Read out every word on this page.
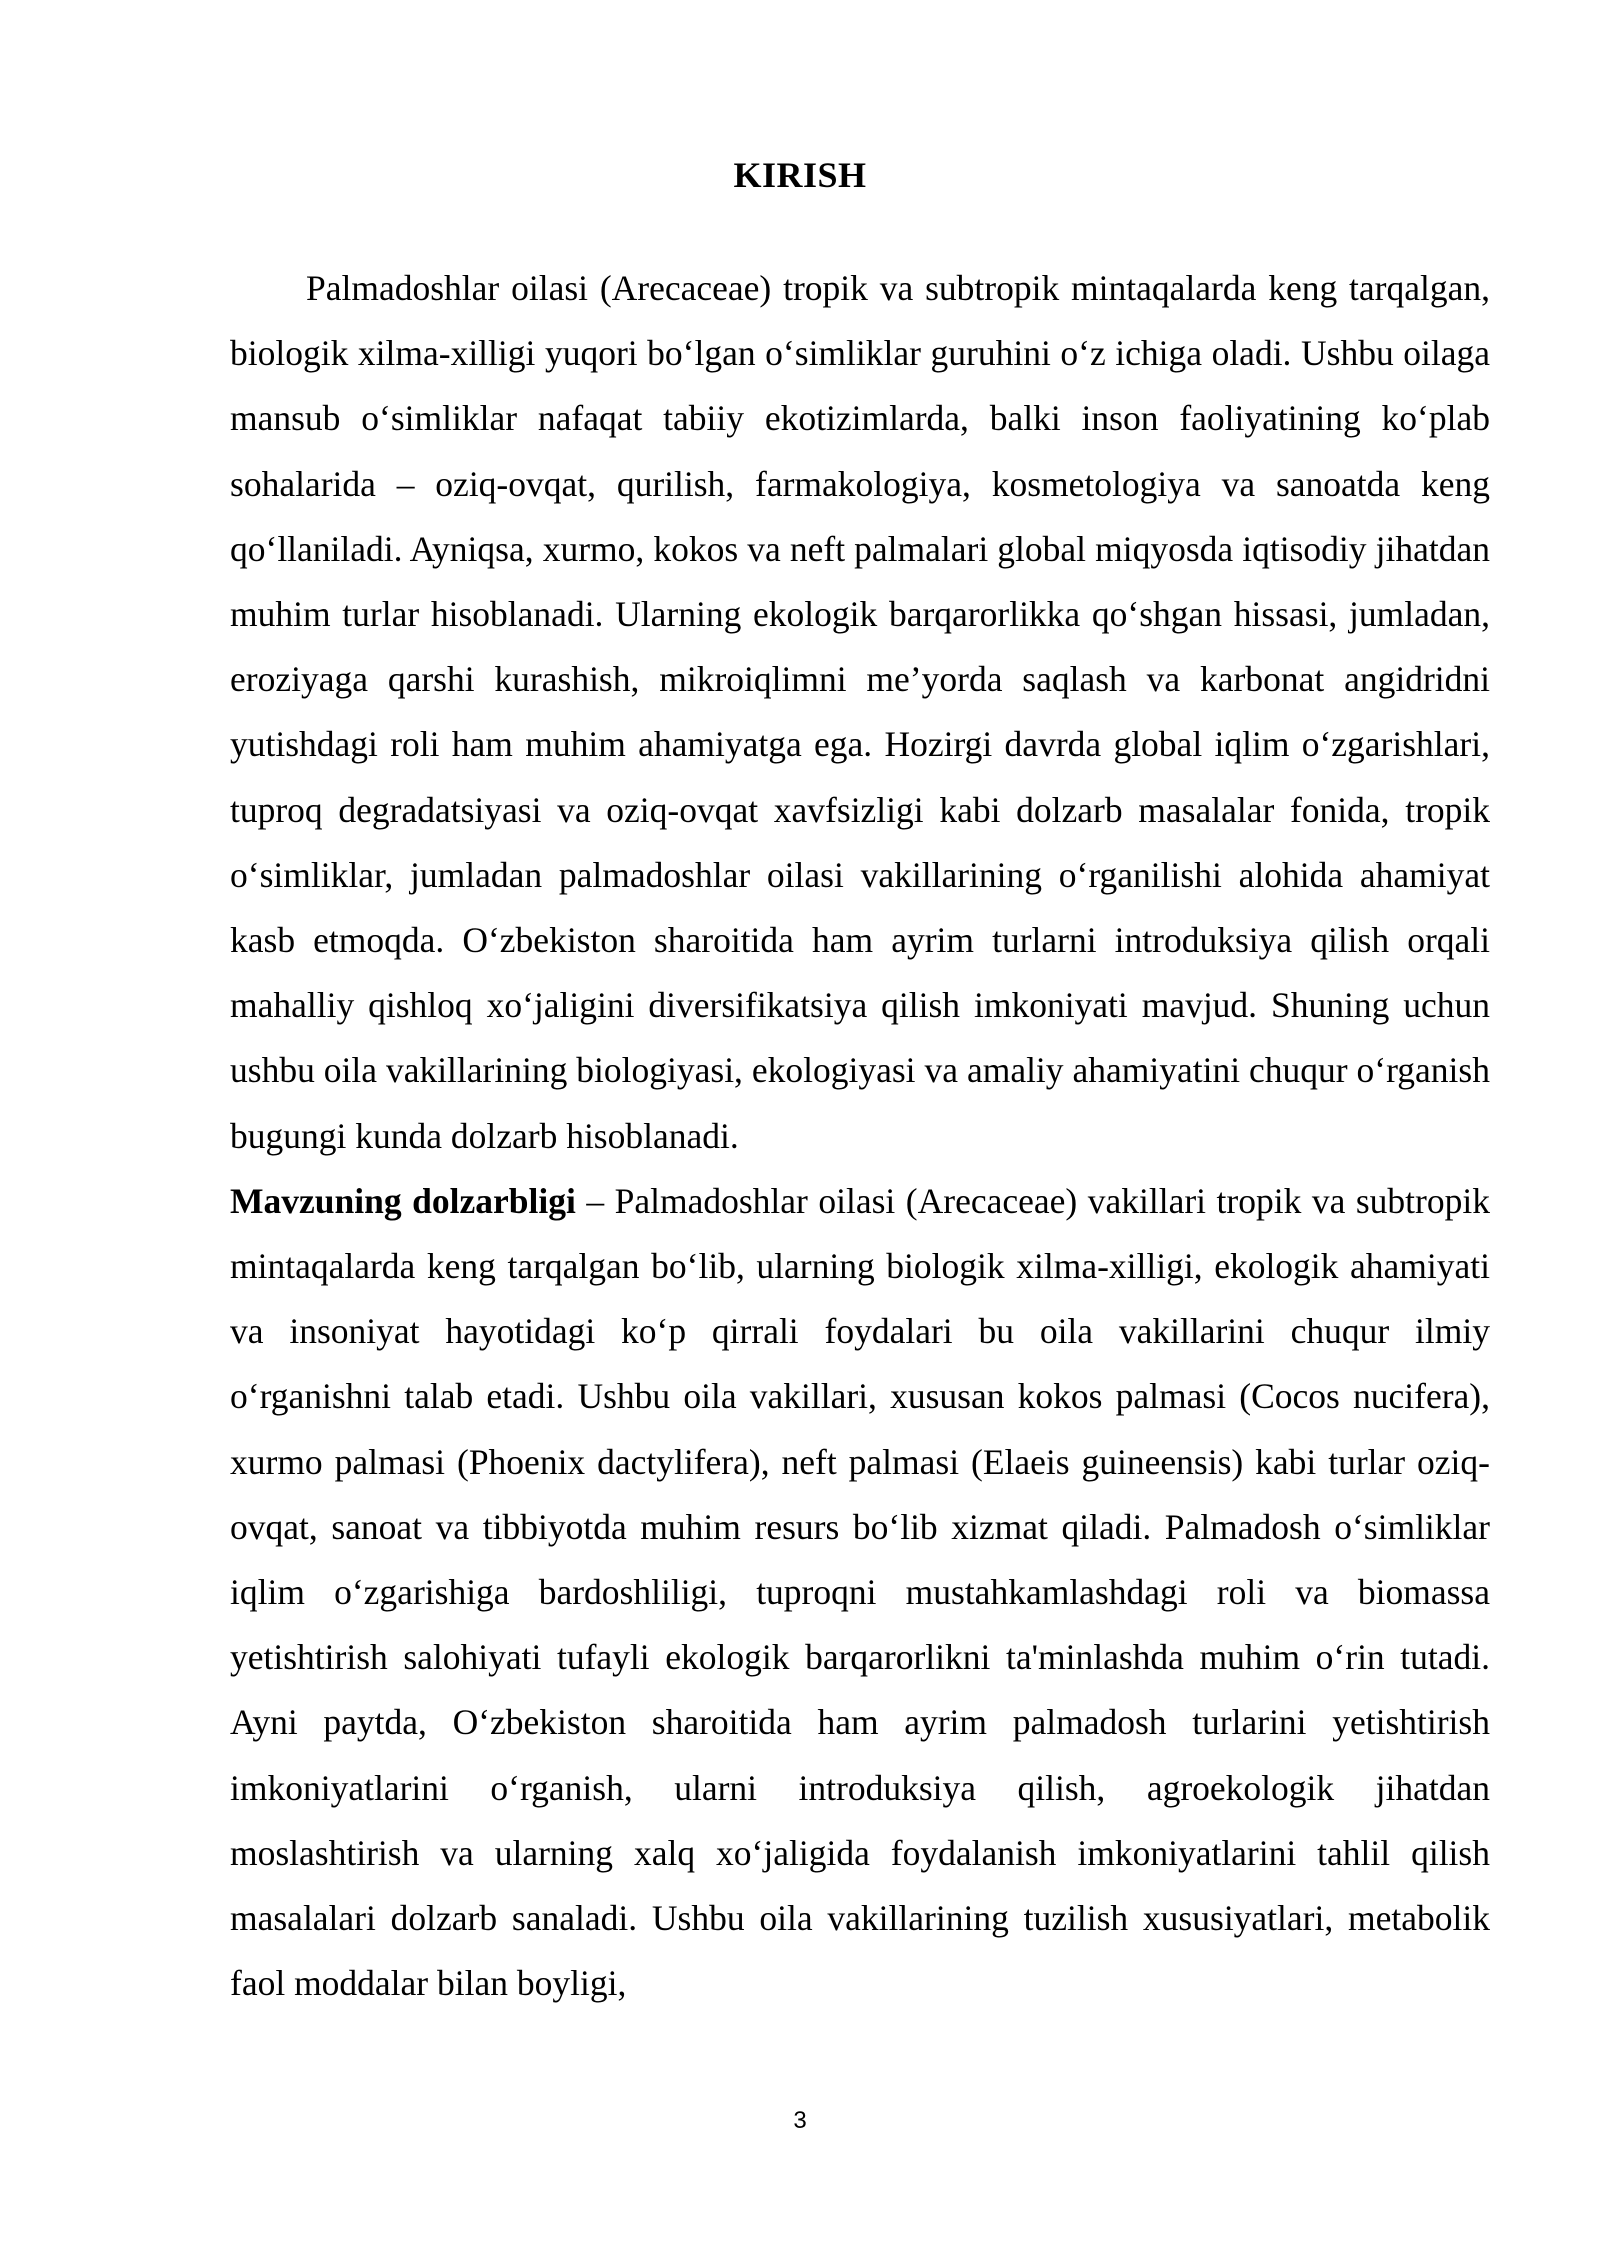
KIRISH

Palmadoshlar oilasi (Arecaceae) tropik va subtropik mintaqalarda keng tarqalgan, biologik xilma-xilligi yuqori bo‘lgan o‘simliklar guruhini o‘z ichiga oladi. Ushbu oilaga mansub o‘simliklar nafaqat tabiiy ekotizimlarda, balki inson faoliyatining ko‘plab sohalarida – oziq-ovqat, qurilish, farmakologiya, kosmetologiya va sanoatda keng qo‘llaniladi. Ayniqsa, xurmo, kokos va neft palmalari global miqyosda iqtisodiy jihatdan muhim turlar hisoblanadi. Ularning ekologik barqarorlikka qo‘shgan hissasi, jumladan, eroziyaga qarshi kurashish, mikroiqlimni me’yorda saqlash va karbonat angidridni yutishdagi roli ham muhim ahamiyatga ega. Hozirgi davrda global iqlim o‘zgarishlari, tuproq degradatsiyasi va oziq-ovqat xavfsizligi kabi dolzarb masalalar fonida, tropik o‘simliklar, jumladan palmadoshlar oilasi vakillarining o‘rganilishi alohida ahamiyat kasb etmoqda. O‘zbekiston sharoitida ham ayrim turlarni introduksiya qilish orqali mahalliy qishloq xo‘jaligini diversifikatsiya qilish imkoniyati mavjud. Shuning uchun ushbu oila vakillarining biologiyasi, ekologiyasi va amaliy ahamiyatini chuqur o‘rganish bugungi kunda dolzarb hisoblanadi.

Mavzuning dolzarbligi – Palmadoshlar oilasi (Arecaceae) vakillari tropik va subtropik mintaqalarda keng tarqalgan bo‘lib, ularning biologik xilma-xilligi, ekologik ahamiyati va insoniyat hayotidagi ko‘p qirrali foydalari bu oila vakillarini chuqur ilmiy o‘rganishni talab etadi. Ushbu oila vakillari, xususan kokos palmasi (Cocos nucifera), xurmo palmasi (Phoenix dactylifera), neft palmasi (Elaeis guineensis) kabi turlar oziq-ovqat, sanoat va tibbiyotda muhim resurs bo‘lib xizmat qiladi. Palmadosh o‘simliklar iqlim o‘zgarishiga bardoshliligi, tuproqni mustahkamlashdagi roli va biomassa yetishtirish salohiyati tufayli ekologik barqarorlikni ta'minlashda muhim o‘rin tutadi. Ayni paytda, O‘zbekiston sharoitida ham ayrim palmadosh turlarini yetishtirish imkoniyatlarini o‘rganish, ularni introduksiya qilish, agroekologik jihatdan moslashtirish va ularning xalq xo‘jaligida foydalanish imkoniyatlarini tahlil qilish masalalari dolzarb sanaladi. Ushbu oila vakillarining tuzilish xususiyatlari, metabolik faol moddalar bilan boyligi,

3
